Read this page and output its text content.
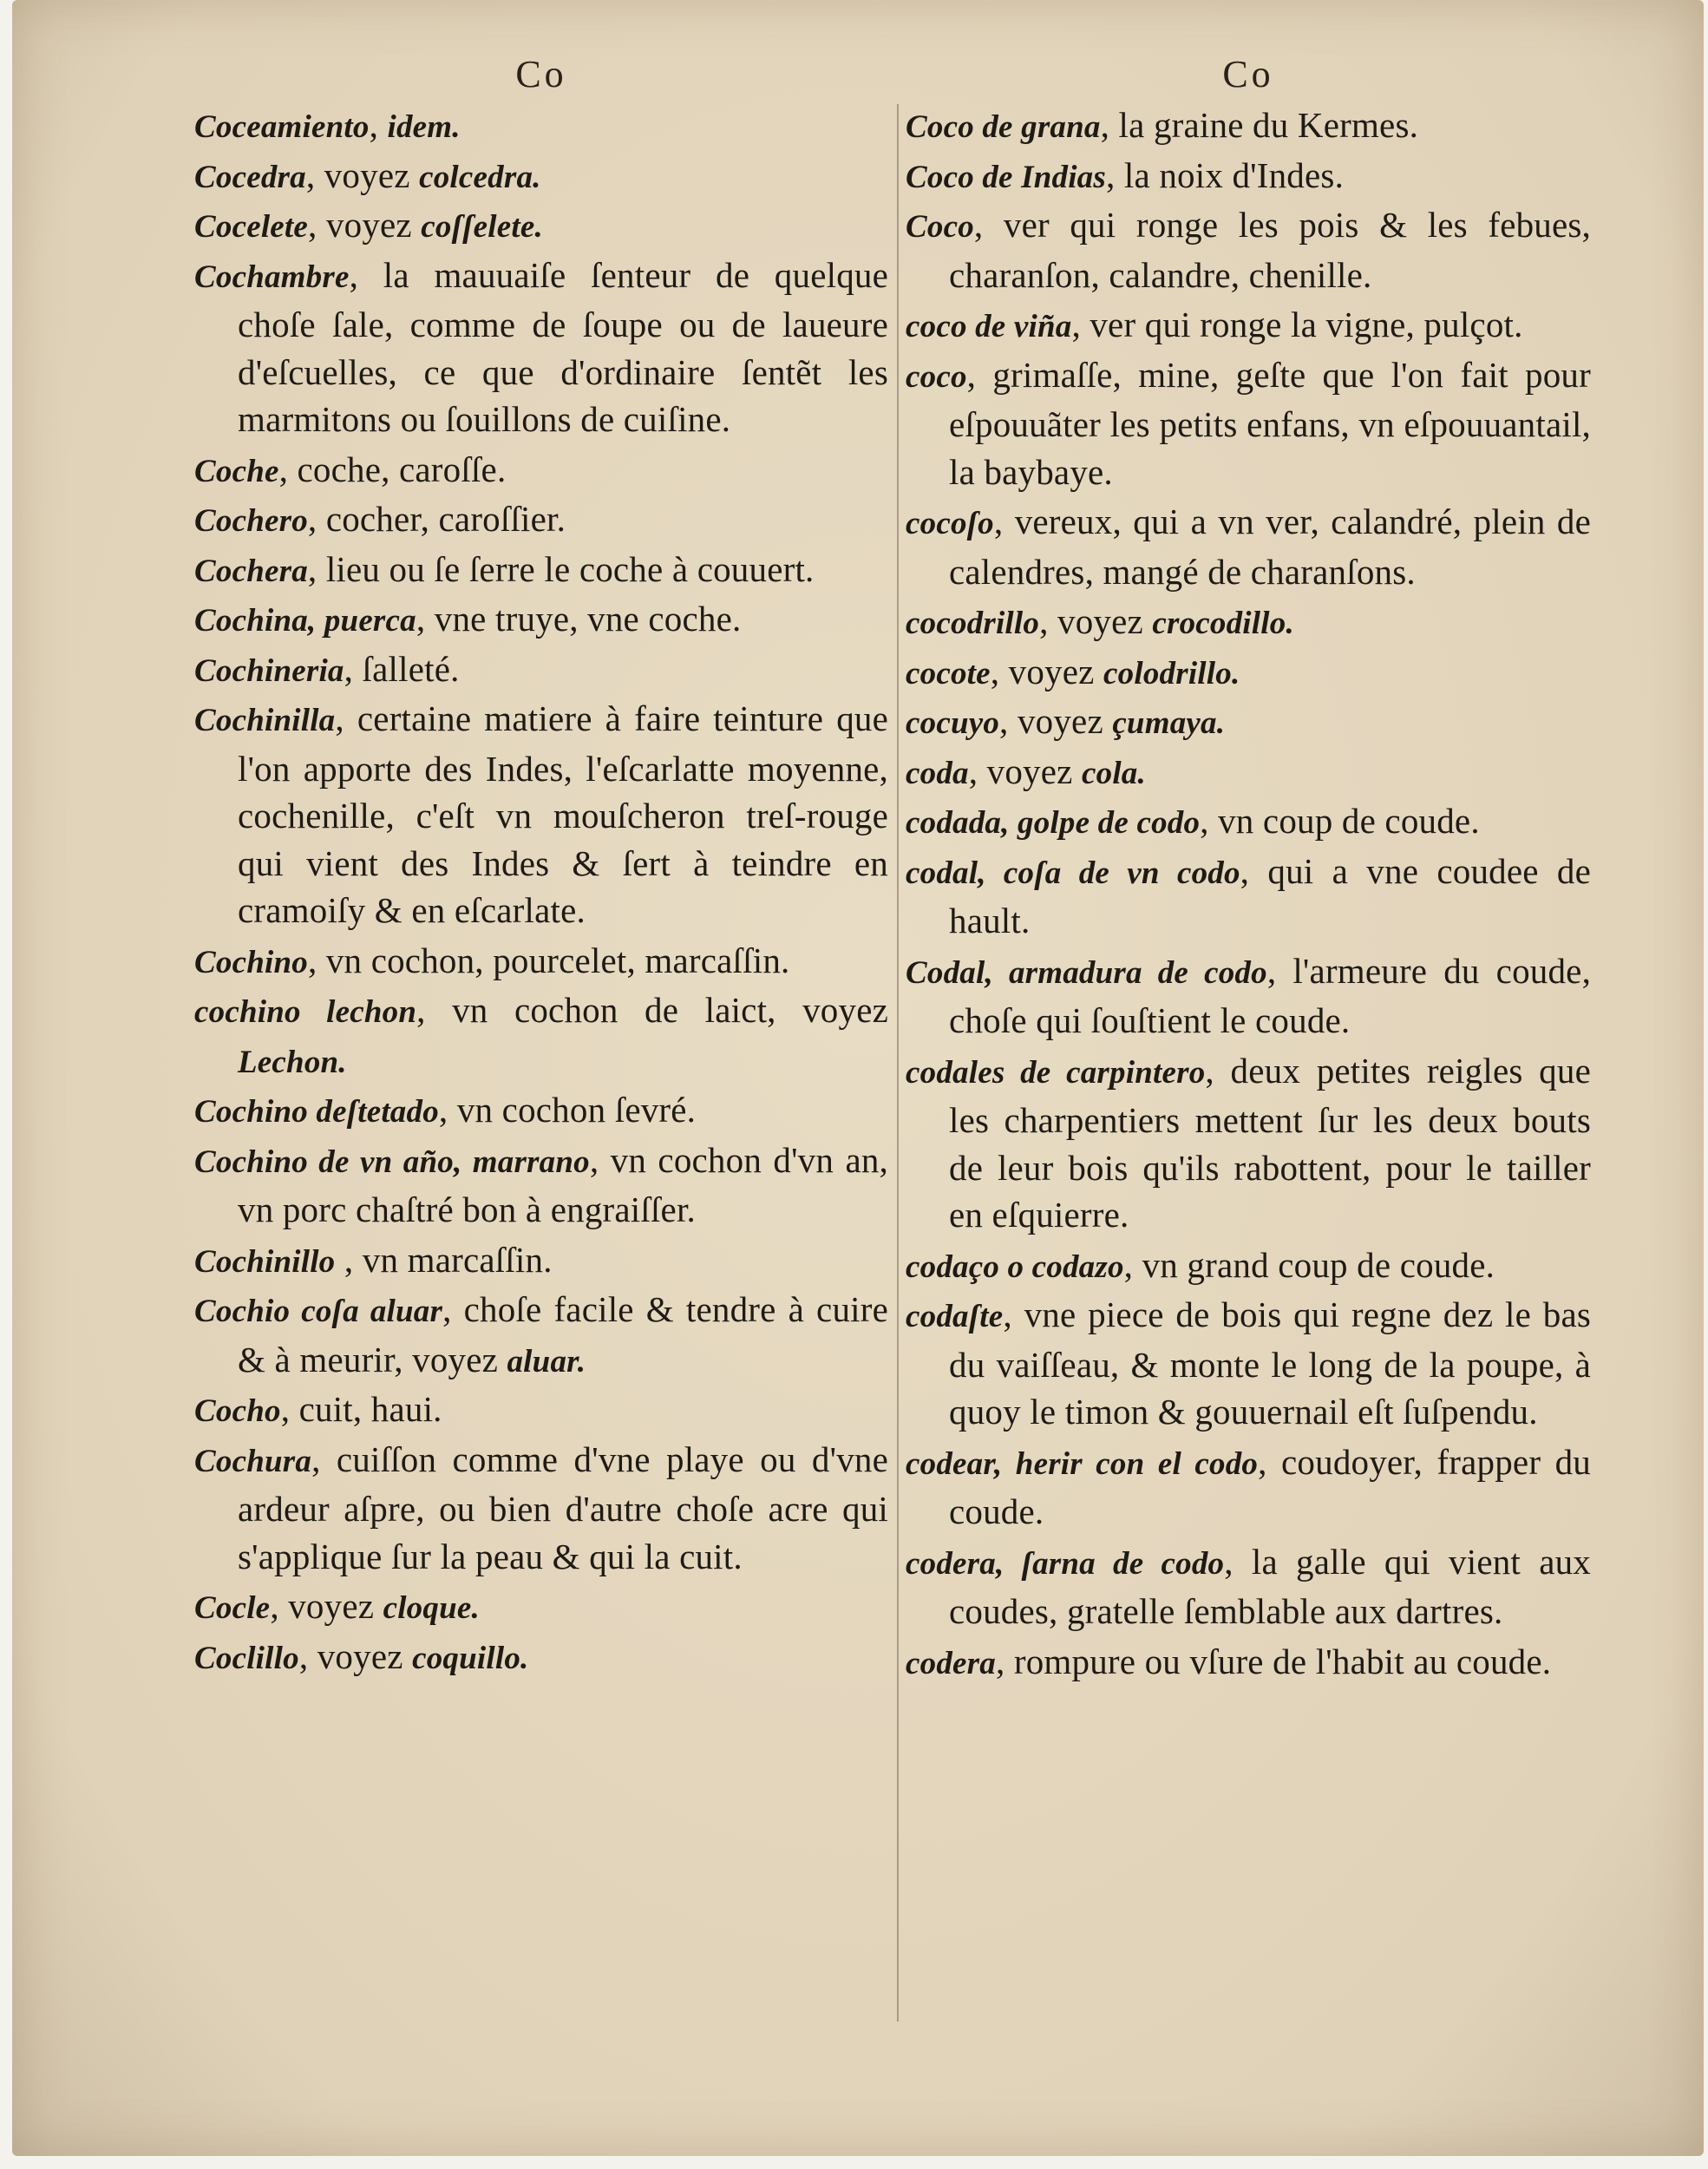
Co
Coceamiento, idem.
Cocedra, voyez colcedra.
Cocelete, voyez coſſelete.
Cochambre, la mauuaiſe ſenteur de quelque choſe ſale, comme de ſoupe ou de laueure d'eſcuelles, ce que d'ordinaire ſentẽt les marmitons ou ſouillons de cuiſine.
Coche, coche, caroſſe.
Cochero, cocher, caroſſier.
Cochera, lieu ou ſe ſerre le coche à couuert.
Cochina, puerca, vne truye, vne coche.
Cochineria, ſalleté.
Cochinilla, certaine matiere à faire teinture que l'on apporte des Indes, l'eſcarlatte moyenne, cochenille, c'eſt vn mouſcheron treſ-rouge qui vient des Indes & ſert à teindre en cramoiſy & en eſcarlate.
Cochino, vn cochon, pourcelet, marcaſſin.
cochino lechon, vn cochon de laict, voyez Lechon.
Cochino deſtetado, vn cochon ſevré.
Cochino de vn año, marrano, vn cochon d'vn an, vn porc chaſtré bon à engraiſſer.
Cochinillo , vn marcaſſin.
Cochio coſa aluar, choſe facile & tendre à cuire & à meurir, voyez aluar.
Cocho, cuit, haui.
Cochura, cuiſſon comme d'vne playe ou d'vne ardeur aſpre, ou bien d'autre choſe acre qui s'applique ſur la peau & qui la cuit.
Cocle, voyez cloque.
Coclillo, voyez coquillo.
Co
Coco de grana, la graine du Kermes.
Coco de Indias, la noix d'Indes.
Coco, ver qui ronge les pois & les febues, charanſon, calandre, chenille.
coco de viña, ver qui ronge la vigne, pulçot.
coco, grimaſſe, mine, geſte que l'on fait pour eſpouuãter les petits enfans, vn eſpouuantail, la baybaye.
cocoſo, vereux, qui a vn ver, calandré, plein de calendres, mangé de charanſons.
cocodrillo, voyez crocodillo.
cocote, voyez colodrillo.
cocuyo, voyez çumaya.
coda, voyez cola.
codada, golpe de codo, vn coup de coude.
codal, coſa de vn codo, qui a vne coudee de hault.
Codal, armadura de codo, l'armeure du coude, choſe qui ſouſtient le coude.
codales de carpintero, deux petites reigles que les charpentiers mettent ſur les deux bouts de leur bois qu'ils rabottent, pour le tailler en eſquierre.
codaço o codazo, vn grand coup de coude.
codaſte, vne piece de bois qui regne dez le bas du vaiſſeau, & monte le long de la poupe, à quoy le timon & gouuernail eſt ſuſpendu.
codear, herir con el codo, coudoyer, frapper du coude.
codera, ſarna de codo, la galle qui vient aux coudes, gratelle ſemblable aux dartres.
codera, rompure ou vſure de l'habit au coude.
